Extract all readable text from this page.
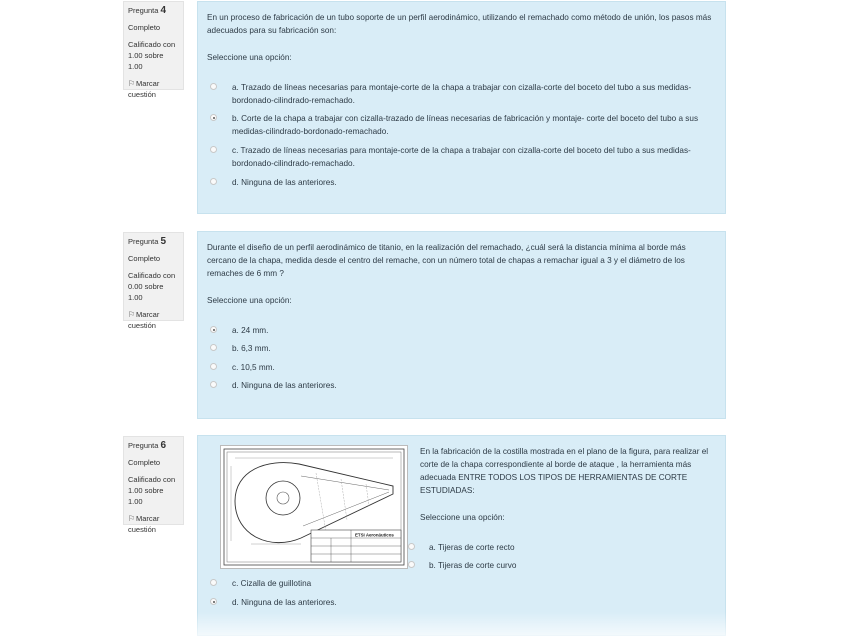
Pregunta 4
Completo
Calificado con
1.00 sobre 1.00
⚐Marcar
cuestión
En un proceso de fabricación de un tubo soporte de un perfil aerodinámico, utilizando el remachado como método de unión, los pasos más adecuados para su fabricación son:
Seleccione una opción:
a. Trazado de líneas necesarias para montaje-corte de la chapa a trabajar con cizalla-corte del boceto del tubo a sus medidas-bordonado-cilindrado-remachado.
b. Corte de la chapa a trabajar con cizalla-trazado de líneas necesarias de fabricación y montaje- corte del boceto del tubo a sus medidas-cilindrado-bordonado-remachado.
c. Trazado de líneas necesarias para montaje-corte de la chapa a trabajar con cizalla-corte del boceto del tubo a sus medidas-bordonado-cilindrado-remachado.
d. Ninguna de las anteriores.
Pregunta 5
Completo
Calificado con
0.00 sobre 1.00
⚐Marcar
cuestión
Durante el diseño de un perfil aerodinámico de titanio, en la realización del remachado, ¿cuál será la distancia mínima al borde más cercano de la chapa, medida desde el centro del remache, con un número total de chapas a remachar igual a 3 y el diámetro de los remaches de 6 mm ?
Seleccione una opción:
a. 24 mm.
b. 6,3 mm.
c. 10,5 mm.
d. Ninguna de las anteriores.
Pregunta 6
Completo
Calificado con
1.00 sobre 1.00
⚐Marcar
cuestión
En la fabricación de la costilla mostrada en el plano de la figura, para realizar el corte de la chapa correspondiente al borde de ataque , la herramienta más adecuada ENTRE TODOS LOS TIPOS DE HERRAMIENTAS DE CORTE ESTUDIADAS:
Seleccione una opción:
a. Tijeras de corte recto
b. Tijeras de corte curvo
c. Cizalla de guillotina
d. Ninguna de las anteriores.
ETSI Aeronáuticos
